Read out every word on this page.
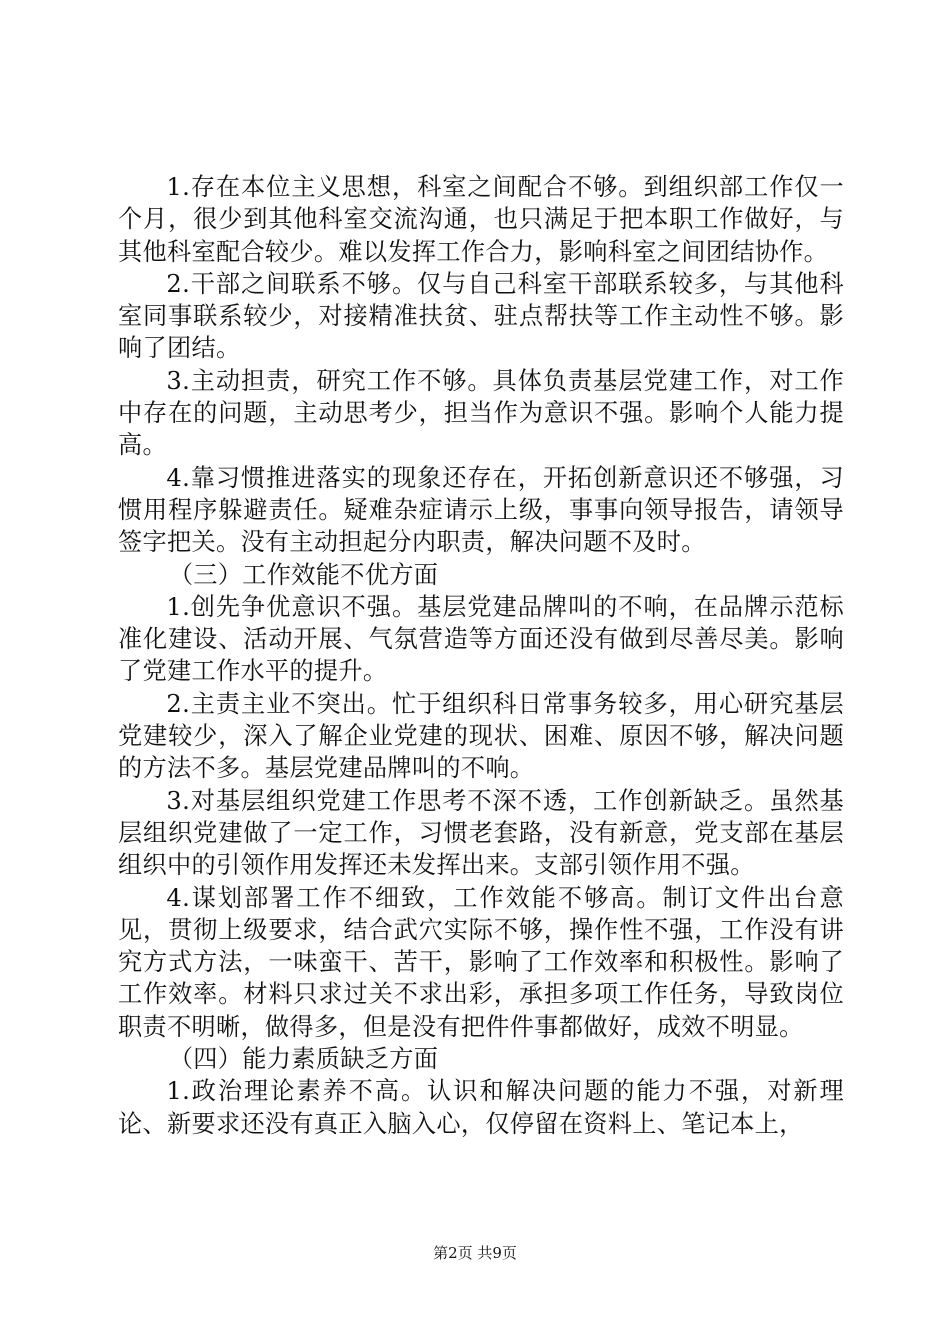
1.存在本位主义思想，科室之间配合不够。到组织部工作仅一个月，很少到其他科室交流沟通，也只满足于把本职工作做好，与其他科室配合较少。难以发挥工作合力，影响科室之间团结协作。

2.干部之间联系不够。仅与自己科室干部联系较多，与其他科室同事联系较少，对接精准扶贫、驻点帮扶等工作主动性不够。影响了团结。

3.主动担责，研究工作不够。具体负责基层党建工作，对工作中存在的问题，主动思考少，担当作为意识不强。影响个人能力提高。

4.靠习惯推进落实的现象还存在，开拓创新意识还不够强，习惯用程序躲避责任。疑难杂症请示上级，事事向领导报告，请领导签字把关。没有主动担起分内职责，解决问题不及时。

（三）工作效能不优方面

1.创先争优意识不强。基层党建品牌叫的不响，在品牌示范标准化建设、活动开展、气氛营造等方面还没有做到尽善尽美。影响了党建工作水平的提升。

2.主责主业不突出。忙于组织科日常事务较多，用心研究基层党建较少，深入了解企业党建的现状、困难、原因不够，解决问题的方法不多。基层党建品牌叫的不响。

3.对基层组织党建工作思考不深不透，工作创新缺乏。虽然基层组织党建做了一定工作，习惯老套路，没有新意，党支部在基层组织中的引领作用发挥还未发挥出来。支部引领作用不强。

4.谋划部署工作不细致，工作效能不够高。制订文件出台意见，贯彻上级要求，结合武穴实际不够，操作性不强，工作没有讲究方式方法，一味蛮干、苦干，影响了工作效率和积极性。影响了工作效率。材料只求过关不求出彩，承担多项工作任务，导致岗位职责不明晰，做得多，但是没有把件件事都做好，成效不明显。

（四）能力素质缺乏方面

1.政治理论素养不高。认识和解决问题的能力不强，对新理论、新要求还没有真正入脑入心，仅停留在资料上、笔记本上，

第2页 共9页
